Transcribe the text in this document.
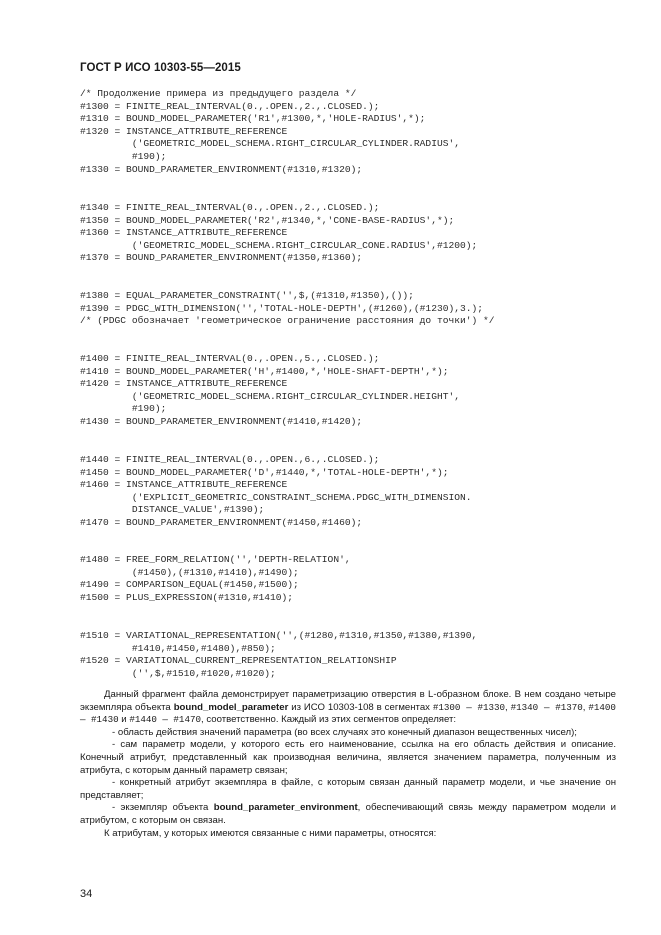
ГОСТ Р ИСО 10303-55—2015
/* Продолжение примера из предыдущего раздела */
#1300 = FINITE_REAL_INTERVAL(0.,.OPEN.,2.,.CLOSED.);
#1310 = BOUND_MODEL_PARAMETER('R1',#1300,*,'HOLE-RADIUS',*);
#1320 = INSTANCE_ATTRIBUTE_REFERENCE
('GEOMETRIC_MODEL_SCHEMA.RIGHT_CIRCULAR_CYLINDER.RADIUS',
#190);
#1330 = BOUND_PARAMETER_ENVIRONMENT(#1310,#1320);
#1340 = FINITE_REAL_INTERVAL(0.,.OPEN.,2.,.CLOSED.);
#1350 = BOUND_MODEL_PARAMETER('R2',#1340,*,'CONE-BASE-RADIUS',*);
#1360 = INSTANCE_ATTRIBUTE_REFERENCE
('GEOMETRIC_MODEL_SCHEMA.RIGHT_CIRCULAR_CONE.RADIUS',#1200);
#1370 = BOUND_PARAMETER_ENVIRONMENT(#1350,#1360);
#1380 = EQUAL_PARAMETER_CONSTRAINT('',$,(#1310,#1350),());
#1390 = PDGC_WITH_DIMENSION('','TOTAL-HOLE-DEPTH',(#1260),(#1230),3.);
/* (PDGC обозначает 'геометрическое ограничение расстояния до точки') */
#1400 = FINITE_REAL_INTERVAL(0.,.OPEN.,5.,.CLOSED.);
#1410 = BOUND_MODEL_PARAMETER('H',#1400,*,'HOLE-SHAFT-DEPTH',*);
#1420 = INSTANCE_ATTRIBUTE_REFERENCE
('GEOMETRIC_MODEL_SCHEMA.RIGHT_CIRCULAR_CYLINDER.HEIGHT',
#190);
#1430 = BOUND_PARAMETER_ENVIRONMENT(#1410,#1420);
#1440 = FINITE_REAL_INTERVAL(0.,.OPEN.,6.,.CLOSED.);
#1450 = BOUND_MODEL_PARAMETER('D',#1440,*,'TOTAL-HOLE-DEPTH',*);
#1460 = INSTANCE_ATTRIBUTE_REFERENCE
('EXPLICIT_GEOMETRIC_CONSTRAINT_SCHEMA.PDGC_WITH_DIMENSION.
DISTANCE_VALUE',#1390);
#1470 = BOUND_PARAMETER_ENVIRONMENT(#1450,#1460);
#1480 = FREE_FORM_RELATION('','DEPTH-RELATION',
(#1450),(#1310,#1410),#1490);
#1490 = COMPARISON_EQUAL(#1450,#1500);
#1500 = PLUS_EXPRESSION(#1310,#1410);
#1510 = VARIATIONAL_REPRESENTATION('',(#1280,#1310,#1350,#1380,#1390,
#1410,#1450,#1480),#850);
#1520 = VARIATIONAL_CURRENT_REPRESENTATION_RELATIONSHIP
('',$,#1510,#1020,#1020);

Данный фрагмент файла демонстрирует параметризацию отверстия в L-образном блоке. В нем создано четыре экземпляра объекта bound_model_parameter из ИСО 10303-108 в сегментах #1300 — #1330, #1340 — #1370, #1400 — #1430 и #1440 — #1470, соответственно. Каждый из этих сегментов определяет:

- область действия значений параметра (во всех случаях это конечный диапазон вещественных чисел);

- сам параметр модели, у которого есть его наименование, ссылка на его область действия и описание. Конечный атрибут, представленный как производная величина, является значением параметра, полученным из атрибута, с которым данный параметр связан;

- конкретный атрибут экземпляра в файле, с которым связан данный параметр модели, и чье значение он представляет;

- экземпляр объекта bound_parameter_environment, обеспечивающий связь между параметром модели и атрибутом, с которым он связан.

К атрибутам, у которых имеются связанные с ними параметры, относятся:

34
